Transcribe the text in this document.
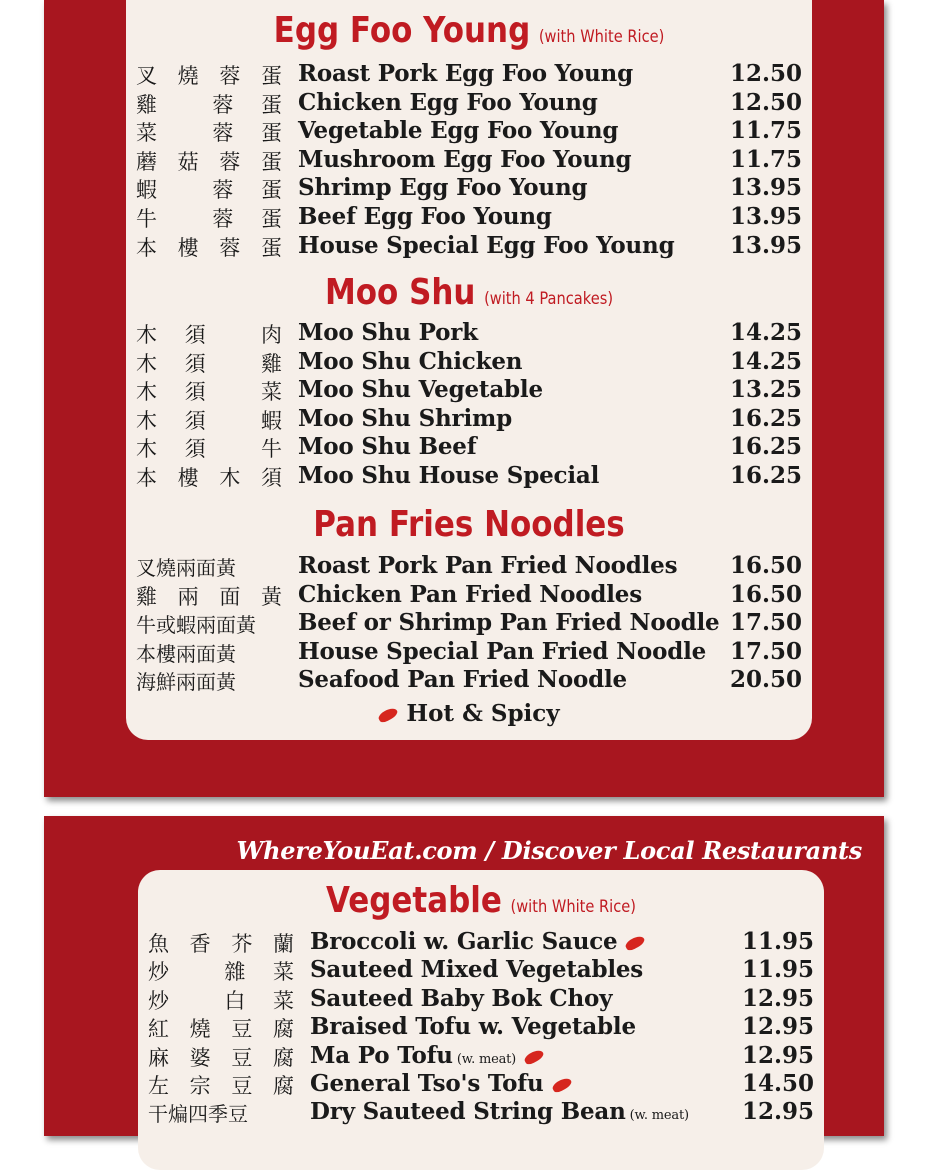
Egg Foo Young (with White Rice)
叉 燒 蓉 蛋 Roast Pork Egg Foo Young	12.50
雞	蓉 蛋 Chicken Egg Foo Young	12.50
菜	蓉 蛋 Vegetable Egg Foo Young	11.75
蘑 菇 蓉 蛋 Mushroom Egg Foo Young	11.75
蝦	蓉 蛋 Shrimp Egg Foo Young	13.95
牛	蓉 蛋 Beef Egg Foo Young	13.95
本 樓 蓉 蛋 House Special Egg Foo Young 13.95
Moo Shu (with 4 Pancakes)
木 須	肉 Moo Shu Pork	14.25
木 須	雞 Moo Shu Chicken	14.25
木 須	菜 Moo Shu Vegetable	13.25
木 須	蝦 Moo Shu Shrimp	16.25
木 須	牛 Moo Shu Beef	16.25
本 樓 木 須 Moo Shu House Special	16.25
Pan Fries Noodles
叉燒兩面黃	Roast Pork Pan Fried Noodles 16.50
雞 兩 面 黃 Chicken Pan Fried Noodles	16.50
牛或蝦兩面黃 Beef or Shrimp Pan Fried Noodle 17.50
本樓兩面黃	House Special Pan Fried Noodle 17.50
海鮮兩面黃	Seafood Pan Fried Noodle	20.50
Hot & Spicy
WhereYouEat.com / Discover Local Restaurants
Vegetable (with White Rice)
魚 香 芥 蘭 Broccoli w. Garlic Sauce	11.95
炒	雜 菜 Sauteed Mixed Vegetables	11.95
炒	白 菜 Sauteed Baby Bok Choy	12.95
紅 燒 豆 腐 Braised Tofu w. Vegetable	12.95
麻 婆 豆 腐 Ma Po Tofu (w. meat)	12.95
左 宗 豆 腐 General Tso's Tofu	14.50
干煸四季豆	Dry Sauteed String Bean (w. meat) 12.95
